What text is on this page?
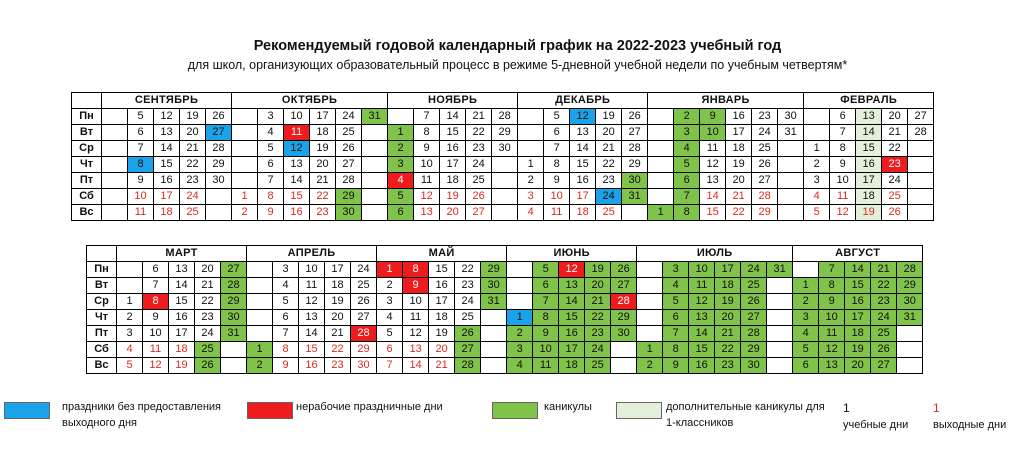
Рекомендуемый годовой календарный график на 2022-2023 учебный год
для школ, организующих образовательный процесс в режиме 5-дневной учебной недели по учебным четвертям*
	СЕНТЯБРЬ					ОКТЯБРЬ						НОЯБРЬ					ДЕКАБРЬ					ЯНВАРЬ						ФЕВРАЛЬ				
Пн		5	12	19	26		3	10	17	24	31		7	14	21	28		5	12	19	26		2	9	16	23	30		6	13	20	27
Вт		6	13	20	27		4	11	18	25		1	8	15	22	29		6	13	20	27		3	10	17	24	31		7	14	21	28
Ср		7	14	21	28		5	12	19	26		2	9	16	23	30		7	14	21	28		4	11	18	25		1	8	15	22	
Чт		8	15	22	29		6	13	20	27		3	10	17	24		1	8	15	22	29		5	12	19	26		2	9	16	23	
Пт		9	16	23	30		7	14	21	28		4	11	18	25		2	9	16	23	30		6	13	20	27		3	10	17	24	
Сб		10	17	24		1	8	15	22	29		5	12	19	26		3	10	17	24	31		7	14	21	28		4	11	18	25	
Вс		11	18	25		2	9	16	23	30		6	13	20	27		4	11	18	25		1	8	15	22	29		5	12	19	26	
	МАРТ					АПРЕЛЬ					МАЙ					ИЮНЬ					ИЮЛЬ						АВГУСТ				
Пн		6	13	20	27		3	10	17	24	1	8	15	22	29		5	12	19	26		3	10	17	24	31		7	14	21	28
Вт		7	14	21	28		4	11	18	25	2	9	16	23	30		6	13	20	27		4	11	18	25		1	8	15	22	29
Ср	1	8	15	22	29		5	12	19	26	3	10	17	24	31		7	14	21	28		5	12	19	26		2	9	16	23	30
Чт	2	9	16	23	30		6	13	20	27	4	11	18	25		1	8	15	22	29		6	13	20	27		3	10	17	24	31
Пт	3	10	17	24	31		7	14	21	28	5	12	19	26		2	9	16	23	30		7	14	21	28		4	11	18	25	
Сб	4	11	18	25		1	8	15	22	29	6	13	20	27		3	10	17	24		1	8	15	22	29		5	12	19	26	
Вс	5	12	19	26		2	9	16	23	30	7	14	21	28		4	11	18	25		2	9	16	23	30		6	13	20	27	
праздники без предоставления выходного дня
нерабочие праздничные дни	каникулы	дополнительные каникулы для 1-классников
1
учебные дни
1
выходные дни
